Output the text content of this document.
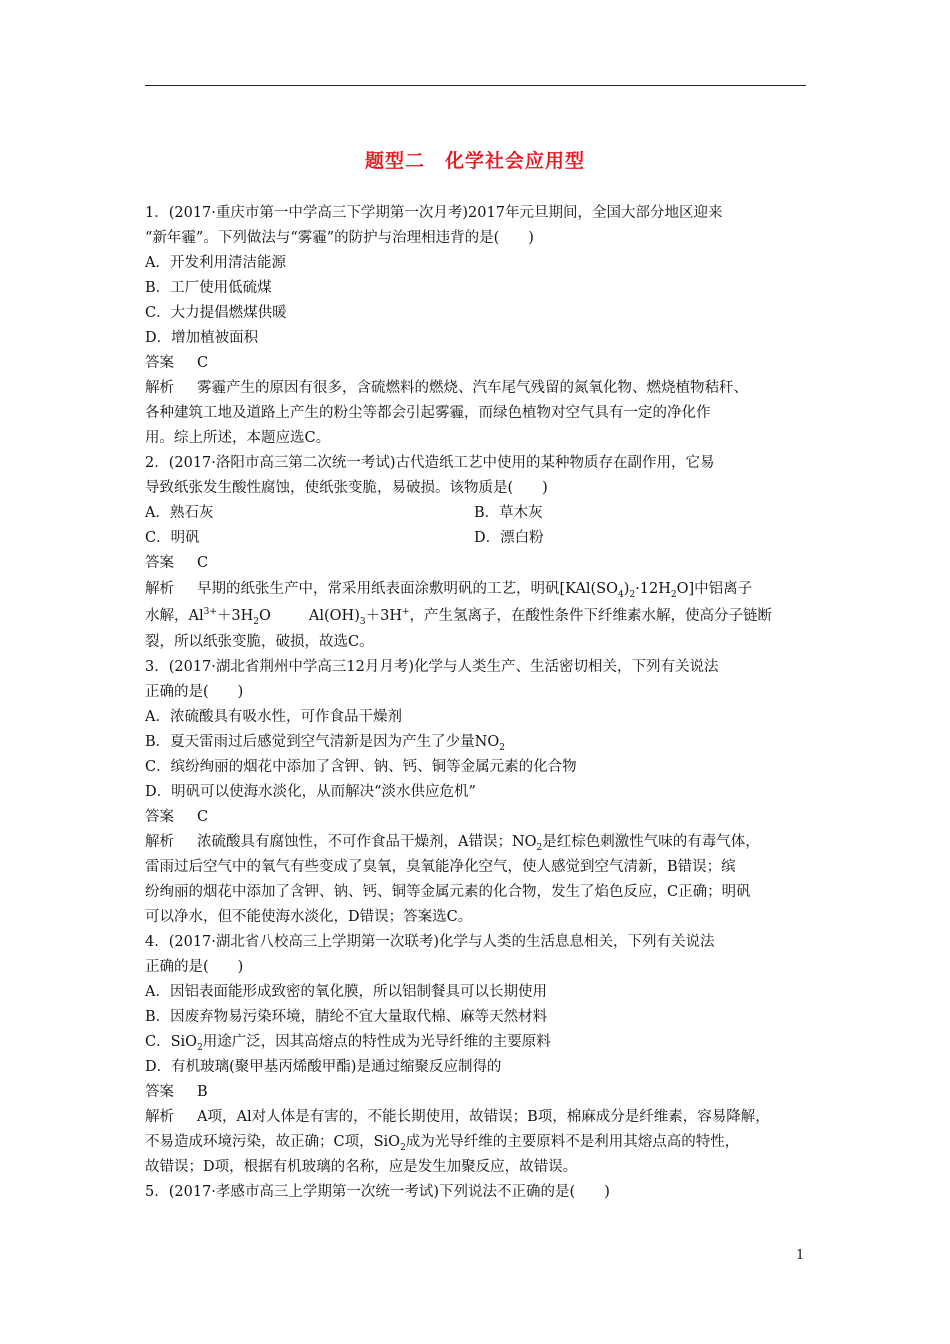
题型二　化学社会应用型
1．(2017·重庆市第一中学高三下学期第一次月考)2017年元旦期间，全国大部分地区迎来
“新年霾”。下列做法与“雾霾”的防护与治理相违背的是(　　)
A．开发利用清洁能源
B．工厂使用低硫煤
C．大力提倡燃煤供暖
D．增加植被面积
答案 C
解析 雾霾产生的原因有很多，含硫燃料的燃烧、汽车尾气残留的氮氧化物、燃烧植物秸秆、
各种建筑工地及道路上产生的粉尘等都会引起雾霾，而绿色植物对空气具有一定的净化作
用。综上所述，本题应选C。
2．(2017·洛阳市高三第二次统一考试)古代造纸工艺中使用的某种物质存在副作用，它易
导致纸张发生酸性腐蚀，使纸张变脆，易破损。该物质是(　　)
A．熟石灰	B．草木灰
C．明矾	D．漂白粉
答案 C
解析 早期的纸张生产中，常采用纸表面涂敷明矾的工艺，明矾$[KAl(SO_4)_2\cdot 12H_2O]$中铝离子
水解，$Al^{3+}+3H_2O$	$Al(OH)_3+3H^+$，产生氢离子，在酸性条件下纤维素水解，使高分子链断
裂，所以纸张变脆，破损，故选C。
3．(2017·湖北省荆州中学高三12月月考)化学与人类生产、生活密切相关，下列有关说法
正确的是(　　)
A．浓硫酸具有吸水性，可作食品干燥剂
B．夏天雷雨过后感觉到空气清新是因为产生了少量$NO_2$
C．缤纷绚丽的烟花中添加了含钾、钠、钙、铜等金属元素的化合物
D．明矾可以使海水淡化，从而解决“淡水供应危机”
答案 C
解析 浓硫酸具有腐蚀性，不可作食品干燥剂，A错误；$NO_2$是红棕色刺激性气味的有毒气体，
雷雨过后空气中的氧气有些变成了臭氧，臭氧能净化空气，使人感觉到空气清新，B错误；缤
纷绚丽的烟花中添加了含钾、钠、钙、铜等金属元素的化合物，发生了焰色反应，C正确；明矾
可以净水，但不能使海水淡化，D错误；答案选C。
4．(2017·湖北省八校高三上学期第一次联考)化学与人类的生活息息相关，下列有关说法
正确的是(　　)
A．因铝表面能形成致密的氧化膜，所以铝制餐具可以长期使用
B．因废弃物易污染环境，腈纶不宜大量取代棉、麻等天然材料
C．SiO$_2$用途广泛，因其高熔点的特性成为光导纤维的主要原料
D．有机玻璃(聚甲基丙烯酸甲酯)是通过缩聚反应制得的
答案 B
解析 A项，Al对人体是有害的，不能长期使用，故错误；B项，棉麻成分是纤维素，容易降解，
不易造成环境污染，故正确；C项，SiO$_2$成为光导纤维的主要原料不是利用其熔点高的特性，
故错误；D项，根据有机玻璃的名称，应是发生加聚反应，故错误。
5．(2017·孝感市高三上学期第一次统一考试)下列说法不正确的是(　　)
1
